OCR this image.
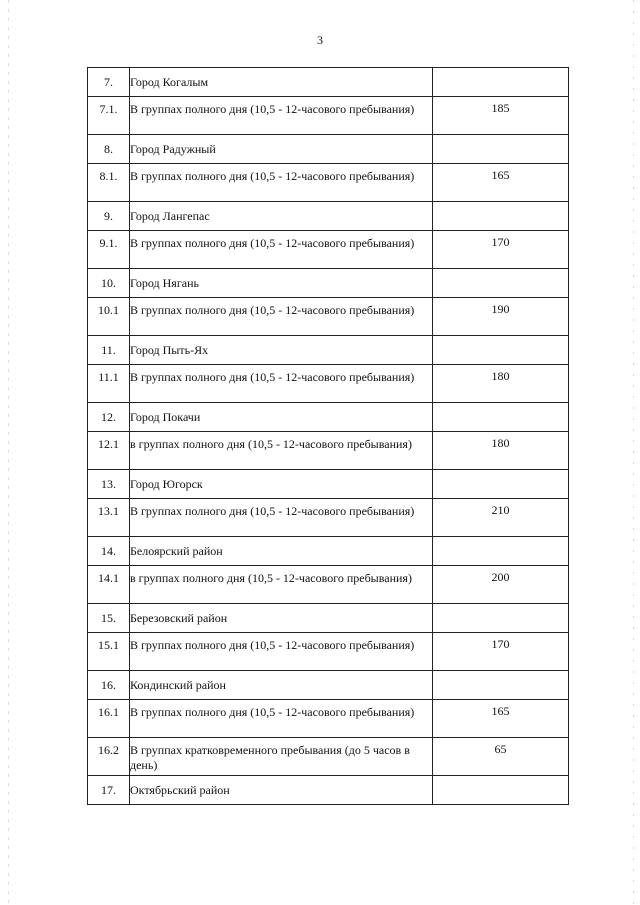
3
7.	Город Когалым	
7.1.	В группах полного дня (10,5 - 12-часового пребывания)	185
8.	Город Радужный	
8.1.	В группах полного дня (10,5 - 12-часового пребывания)	165
9.	Город Лангепас	
9.1.	В группах полного дня (10,5 - 12-часового пребывания)	170
10.	Город Нягань	
10.1	В группах полного дня (10,5 - 12-часового пребывания)	190
11.	Город Пыть-Ях	
11.1	В группах полного дня (10,5 - 12-часового пребывания)	180
12.	Город Покачи	
12.1	в группах полного дня (10,5 - 12-часового пребывания)	180
13.	Город Югорск	
13.1	В группах полного дня (10,5 - 12-часового пребывания)	210
14.	Белоярский район	
14.1	в группах полного дня (10,5 - 12-часового пребывания)	200
15.	Березовский район	
15.1	В группах полного дня (10,5 - 12-часового пребывания)	170
16.	Кондинский район	
16.1	В группах полного дня (10,5 - 12-часового пребывания)	165
16.2	В группах кратковременного пребывания (до 5 часов в день)	65
17.	Октябрьский район	
